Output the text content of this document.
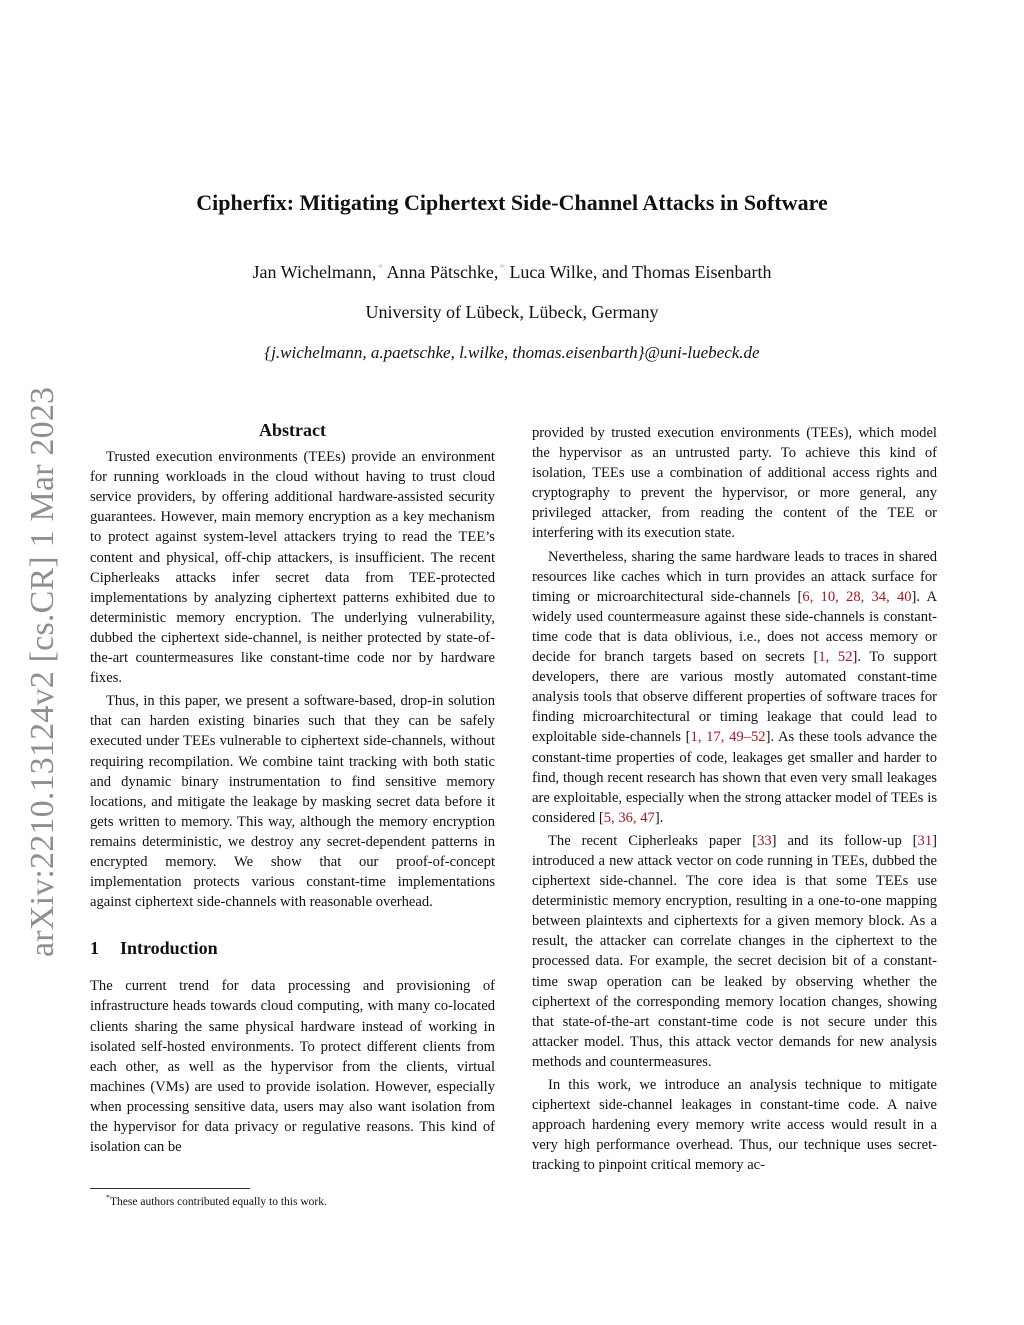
arXiv:2210.13124v2 [cs.CR] 1 Mar 2023
Cipherfix: Mitigating Ciphertext Side-Channel Attacks in Software
Jan Wichelmann,* Anna Pätschke,* Luca Wilke, and Thomas Eisenbarth
University of Lübeck, Lübeck, Germany
{j.wichelmann, a.paetschke, l.wilke, thomas.eisenbarth}@uni-luebeck.de
Abstract

Trusted execution environments (TEEs) provide an environment for running workloads in the cloud without having to trust cloud service providers, by offering additional hardware-assisted security guarantees. However, main memory encryption as a key mechanism to protect against system-level attackers trying to read the TEE’s content and physical, off-chip attackers, is insufficient. The recent Cipherleaks attacks infer secret data from TEE-protected implementations by analyzing ciphertext patterns exhibited due to deterministic memory encryption. The underlying vulnerability, dubbed the ciphertext side-channel, is neither protected by state-of-the-art countermeasures like constant-time code nor by hardware fixes.

Thus, in this paper, we present a software-based, drop-in solution that can harden existing binaries such that they can be safely executed under TEEs vulnerable to ciphertext side-channels, without requiring recompilation. We combine taint tracking with both static and dynamic binary instrumentation to find sensitive memory locations, and mitigate the leakage by masking secret data before it gets written to memory. This way, although the memory encryption remains deterministic, we destroy any secret-dependent patterns in encrypted memory. We show that our proof-of-concept implementation protects various constant-time implementations against ciphertext side-channels with reasonable overhead.

1 Introduction

The current trend for data processing and provisioning of infrastructure heads towards cloud computing, with many co-located clients sharing the same physical hardware instead of working in isolated self-hosted environments. To protect different clients from each other, as well as the hypervisor from the clients, virtual machines (VMs) are used to provide isolation. However, especially when processing sensitive data, users may also want isolation from the hypervisor for data privacy or regulative reasons. This kind of isolation can be

provided by trusted execution environments (TEEs), which model the hypervisor as an untrusted party. To achieve this kind of isolation, TEEs use a combination of additional access rights and cryptography to prevent the hypervisor, or more general, any privileged attacker, from reading the content of the TEE or interfering with its execution state.

Nevertheless, sharing the same hardware leads to traces in shared resources like caches which in turn provides an attack surface for timing or microarchitectural side-channels [6, 10, 28, 34, 40]. A widely used countermeasure against these side-channels is constant-time code that is data oblivious, i.e., does not access memory or decide for branch targets based on secrets [1, 52]. To support developers, there are various mostly automated constant-time analysis tools that observe different properties of software traces for finding microarchitectural or timing leakage that could lead to exploitable side-channels [1, 17, 49–52]. As these tools advance the constant-time properties of code, leakages get smaller and harder to find, though recent research has shown that even very small leakages are exploitable, especially when the strong attacker model of TEEs is considered [5, 36, 47].

The recent Cipherleaks paper [33] and its follow-up [31] introduced a new attack vector on code running in TEEs, dubbed the ciphertext side-channel. The core idea is that some TEEs use deterministic memory encryption, resulting in a one-to-one mapping between plaintexts and ciphertexts for a given memory block. As a result, the attacker can correlate changes in the ciphertext to the processed data. For example, the secret decision bit of a constant-time swap operation can be leaked by observing whether the ciphertext of the corresponding memory location changes, showing that state-of-the-art constant-time code is not secure under this attacker model. Thus, this attack vector demands for new analysis methods and countermeasures.

In this work, we introduce an analysis technique to mitigate ciphertext side-channel leakages in constant-time code. A naive approach hardening every memory write access would result in a very high performance overhead. Thus, our technique uses secret-tracking to pinpoint critical memory ac-

*These authors contributed equally to this work.
